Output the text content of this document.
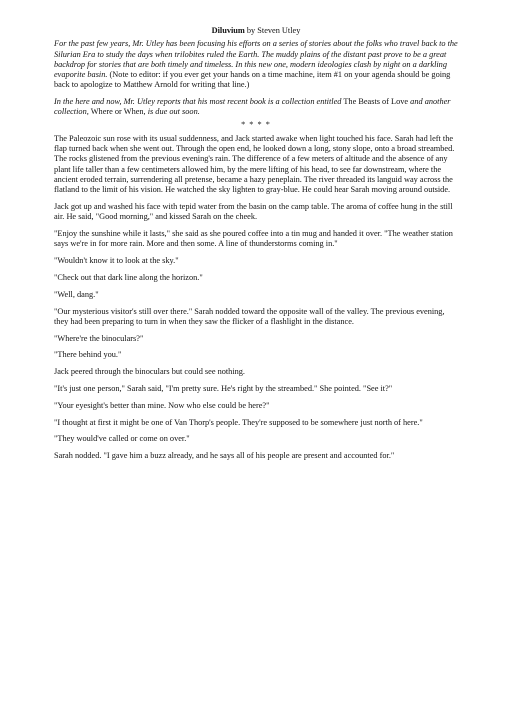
Diluvium by Steven Utley

For the past few years, Mr. Utley has been focusing his efforts on a series of stories about the folks who travel back to the Silurian Era to study the days when trilobites ruled the Earth. The muddy plains of the distant past prove to be a great backdrop for stories that are both timely and timeless. In this new one, modern ideologies clash by night on a darkling evaporite basin. (Note to editor: if you ever get your hands on a time machine, item #1 on your agenda should be going back to apologize to Matthew Arnold for writing that line.)

In the here and now, Mr. Utley reports that his most recent book is a collection entitled The Beasts of Love and another collection, Where or When, is due out soon.

* * * *

The Paleozoic sun rose with its usual suddenness, and Jack started awake when light touched his face. Sarah had left the flap turned back when she went out. Through the open end, he looked down a long, stony slope, onto a broad streambed. The rocks glistened from the previous evening's rain. The difference of a few meters of altitude and the absence of any plant life taller than a few centimeters allowed him, by the mere lifting of his head, to see far downstream, where the ancient eroded terrain, surrendering all pretense, became a hazy peneplain. The river threaded its languid way across the flatland to the limit of his vision. He watched the sky lighten to gray-blue. He could hear Sarah moving around outside.

Jack got up and washed his face with tepid water from the basin on the camp table. The aroma of coffee hung in the still air. He said, "Good morning," and kissed Sarah on the cheek.

"Enjoy the sunshine while it lasts," she said as she poured coffee into a tin mug and handed it over. "The weather station says we're in for more rain. More and then some. A line of thunderstorms coming in."

"Wouldn't know it to look at the sky."

"Check out that dark line along the horizon."

"Well, dang."

"Our mysterious visitor's still over there." Sarah nodded toward the opposite wall of the valley. The previous evening, they had been preparing to turn in when they saw the flicker of a flashlight in the distance.

"Where're the binoculars?"

"There behind you."

Jack peered through the binoculars but could see nothing.

"It's just one person," Sarah said, "I'm pretty sure. He's right by the streambed." She pointed. "See it?"

"Your eyesight's better than mine. Now who else could be here?"

"I thought at first it might be one of Van Thorp's people. They're supposed to be somewhere just north of here."

"They would've called or come on over."

Sarah nodded. "I gave him a buzz already, and he says all of his people are present and accounted for."
